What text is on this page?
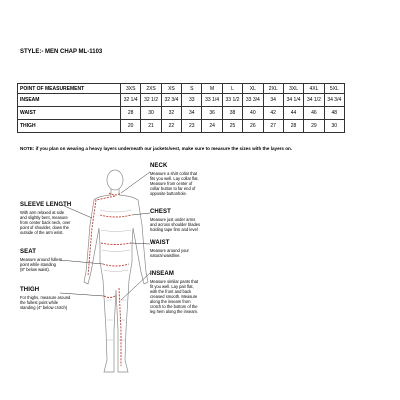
STYLE:- MEN CHAP ML-1103
POINT OF MEASUREMENT	3XS	2XS	XS	S	M	L	XL	2XL	3XL	4XL	5XL
INSEAM	32 1/4	32 1/2	32 3/4	33	33 1/4	33 1/2	33 3/4	34	34 1/4	34 1/2	34 3/4
WAIST	28	30	32	34	36	38	40	42	44	46	48
THIGH	20	21	22	23	24	25	26	27	28	29	30
NOTE: if you plan on wearing a heavy layers underneath our jackets/vest, make sure to measure the sizes with the layers on.
NECK
Measure a shirt collar that
fits you well. Lay collar flat.
Measure from center of
collar button to far end of
opposite buttonhole.
SLEEVE LENGTH
With arm relaxed at side
and slightly bent, measure
from center back neck, over
point of shoulder, down the
outside of the arm wrist.
CHEST
Measure just under arms
and across shoulder blades
holding tape firm and level
WAIST
Measure around your
natural waistline.
SEAT
Measure around fullest
point while standing
(8" below waist).
INSEAM
Measure similar pants that
fit you well. Lay pair flat,
with the front and back
creased smooth. Measure
along the inseam from
crotch to the bottom of the
leg hem along the inseam.
THIGH
For thighs, measure around
the fullest point while
standing (4" below crotch)
